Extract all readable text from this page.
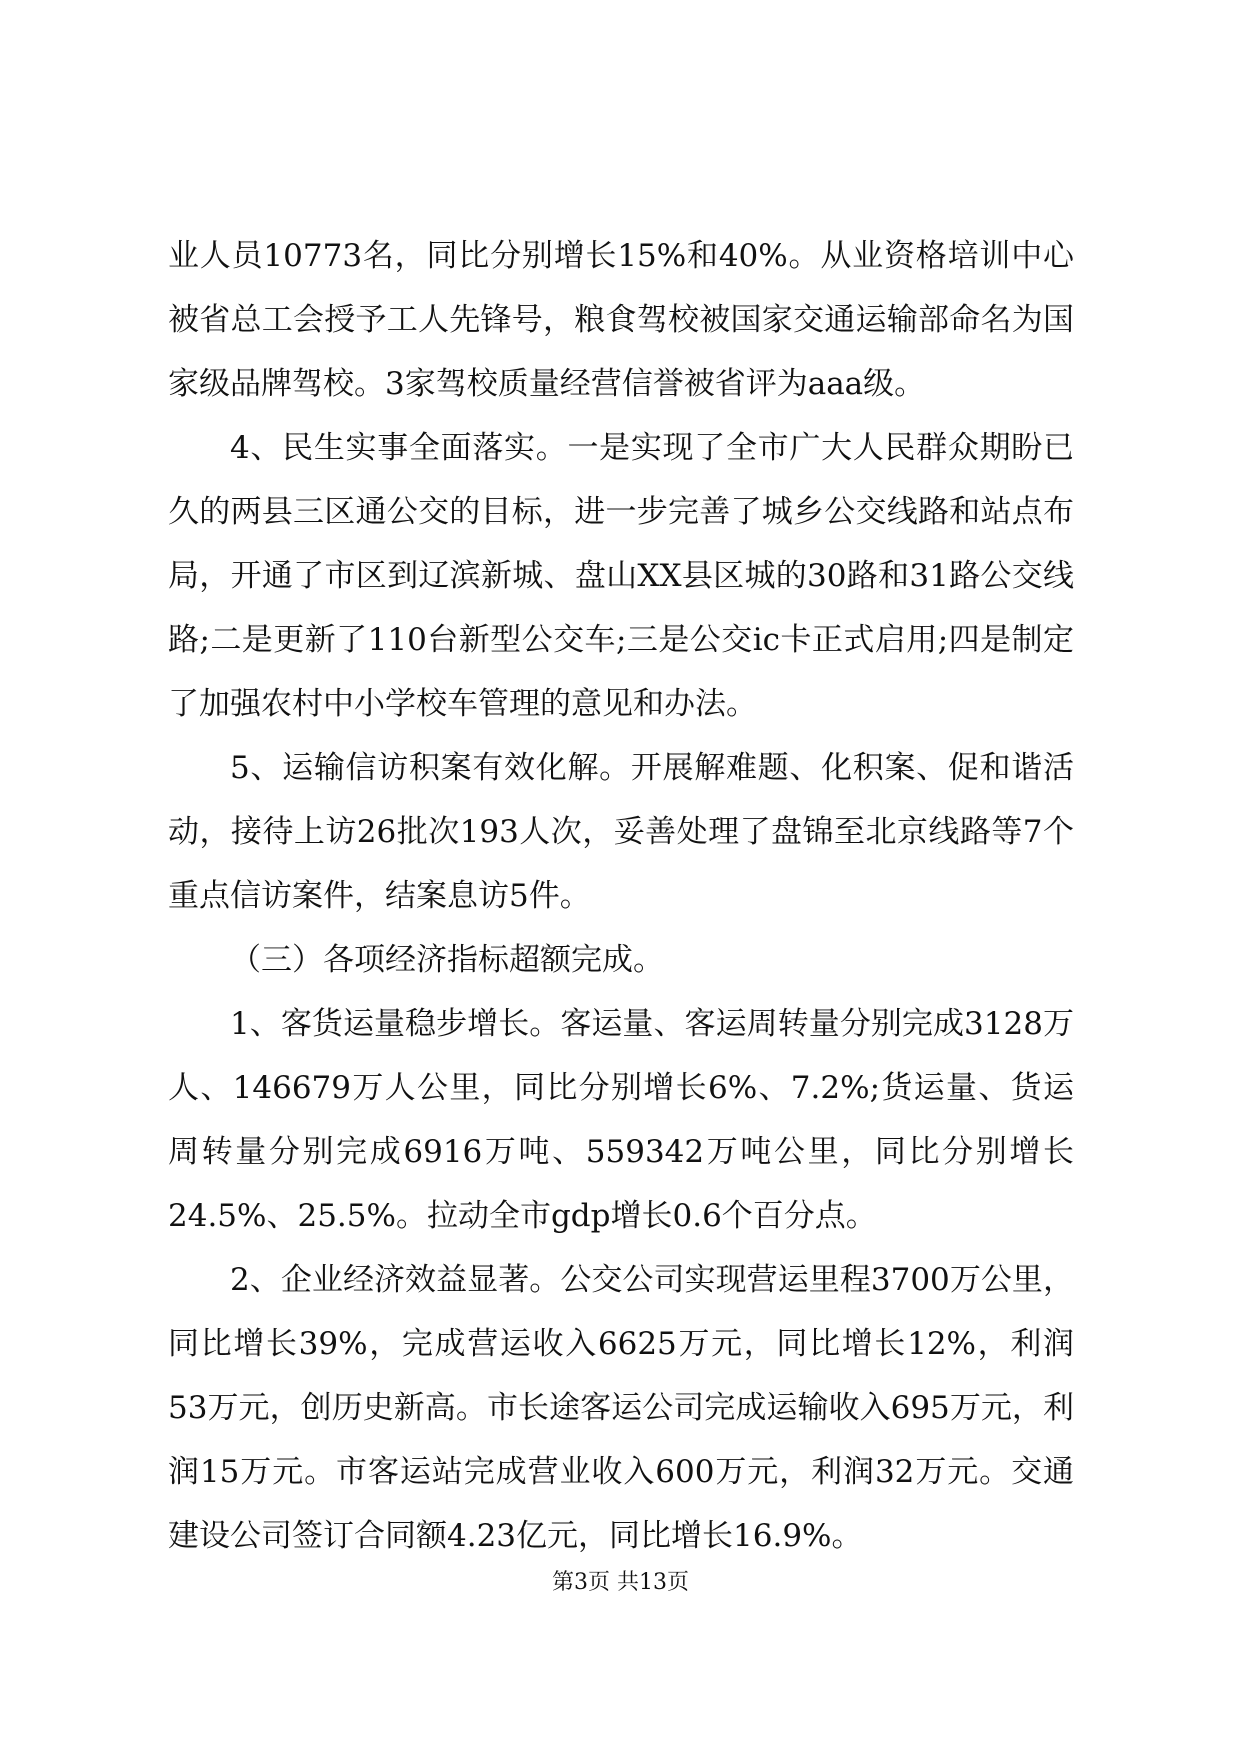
业人员10773名，同比分别增长15%和40%。从业资格培训中心被省总工会授予工人先锋号，粮食驾校被国家交通运输部命名为国家级品牌驾校。3家驾校质量经营信誉被省评为aaa级。

4、民生实事全面落实。一是实现了全市广大人民群众期盼已久的两县三区通公交的目标，进一步完善了城乡公交线路和站点布局，开通了市区到辽滨新城、盘山XX县区城的30路和31路公交线路;二是更新了110台新型公交车;三是公交ic卡正式启用;四是制定了加强农村中小学校车管理的意见和办法。

5、运输信访积案有效化解。开展解难题、化积案、促和谐活动，接待上访26批次193人次，妥善处理了盘锦至北京线路等7个重点信访案件，结案息访5件。

（三）各项经济指标超额完成。

1、客货运量稳步增长。客运量、客运周转量分别完成3128万人、146679万人公里，同比分别增长6%、7.2%;货运量、货运周转量分别完成6916万吨、559342万吨公里，同比分别增长24.5%、25.5%。拉动全市gdp增长0.6个百分点。

2、企业经济效益显著。公交公司实现营运里程3700万公里，同比增长39%，完成营运收入6625万元，同比增长12%，利润53万元，创历史新高。市长途客运公司完成运输收入695万元，利润15万元。市客运站完成营业收入600万元，利润32万元。交通建设公司签订合同额4.23亿元，同比增长16.9%。

第3页 共13页
